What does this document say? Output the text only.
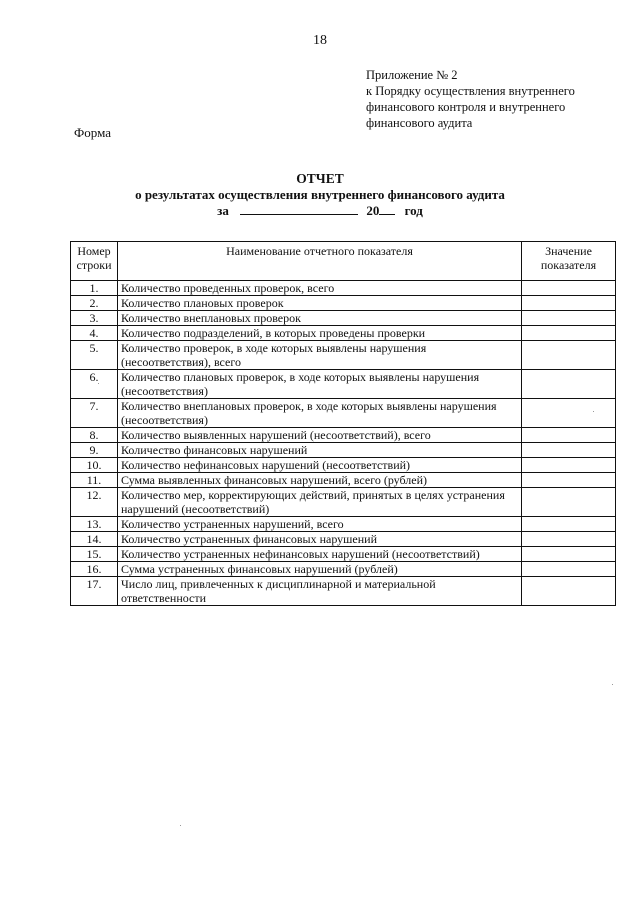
18
Приложение № 2
к Порядку осуществления внутреннего
финансового контроля и внутреннего
финансового аудита
Форма
ОТЧЕТ
о результатах осуществления внутреннего финансового аудита
за	20 год
Номер строки	Наименование отчетного показателя	Значение показателя
1.	Количество проведенных проверок, всего	
2.	Количество плановых проверок	
3.	Количество внеплановых проверок	
4.	Количество подразделений, в которых проведены проверки	
5.	Количество проверок, в ходе которых выявлены нарушения (несоответствия), всего	
6.	Количество плановых проверок, в ходе которых выявлены нарушения (несоответствия)	
7.	Количество внеплановых проверок, в ходе которых выявлены нарушения (несоответствия)	
8.	Количество выявленных нарушений (несоответствий), всего	
9.	Количество финансовых нарушений	
10.	Количество нефинансовых нарушений (несоответствий)	
11.	Сумма выявленных финансовых нарушений, всего (рублей)	
12.	Количество мер, корректирующих действий, принятых в целях устранения нарушений (несоответствий)	
13.	Количество устраненных нарушений, всего	
14.	Количество устраненных финансовых нарушений	
15.	Количество устраненных нефинансовых нарушений (несоответствий)	
16.	Сумма устраненных финансовых нарушений (рублей)	
17.	Число лиц, привлеченных к дисциплинарной и материальной ответственности	
